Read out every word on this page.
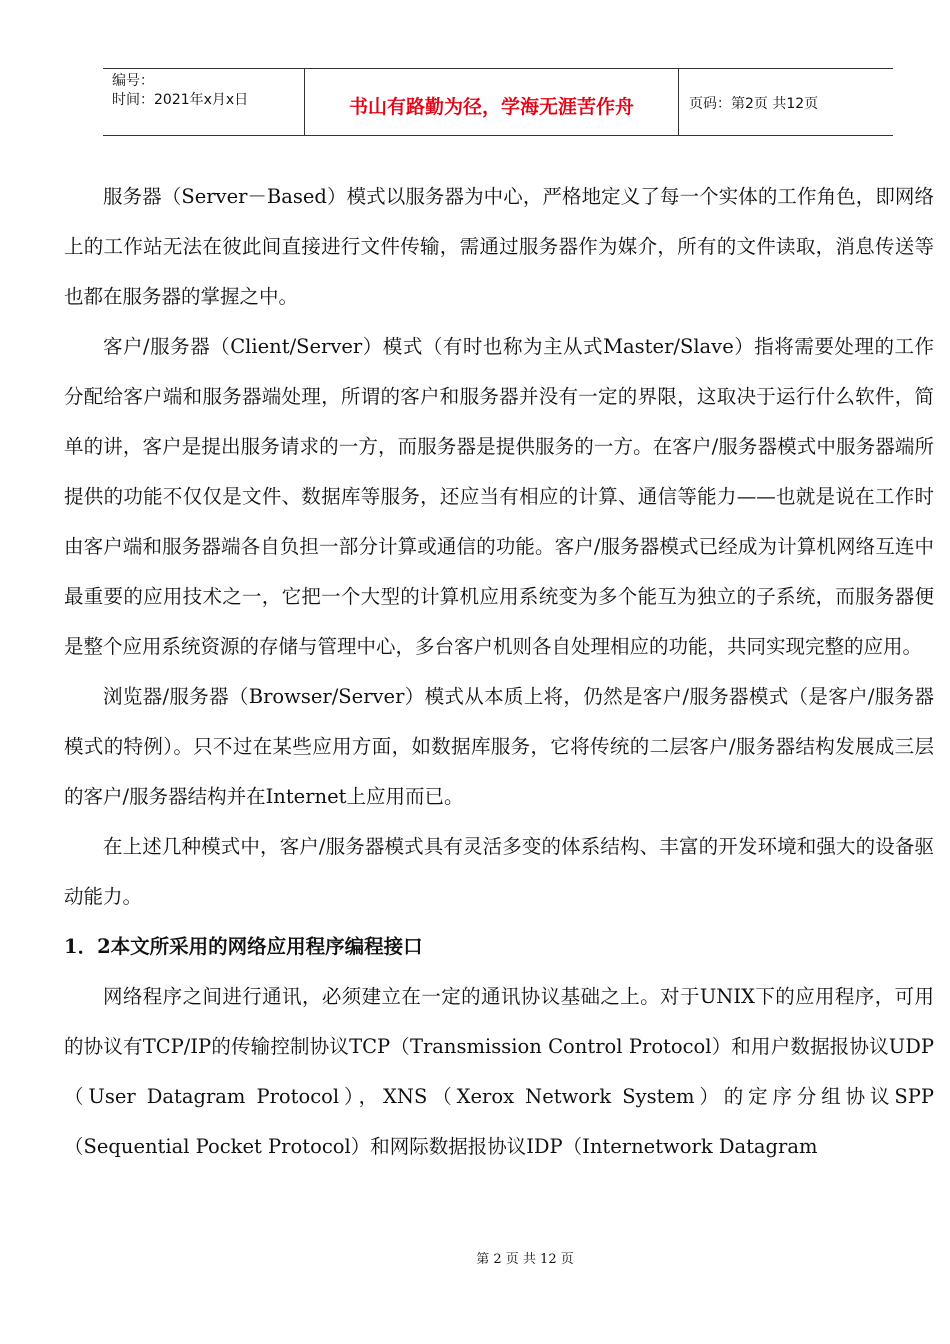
编号：
时间：2021年x月x日	书山有路勤为径，学海无涯苦作舟	页码：第2页 共12页

服务器（Server－Based）模式以服务器为中心，严格地定义了每一个实体的工作角色，即网络上的工作站无法在彼此间直接进行文件传输，需通过服务器作为媒介，所有的文件读取，消息传送等也都在服务器的掌握之中。

客户/服务器（Client/Server）模式（有时也称为主从式Master/Slave）指将需要处理的工作分配给客户端和服务器端处理，所谓的客户和服务器并没有一定的界限，这取决于运行什么软件，简单的讲，客户是提出服务请求的一方，而服务器是提供服务的一方。在客户/服务器模式中服务器端所提供的功能不仅仅是文件、数据库等服务，还应当有相应的计算、通信等能力——也就是说在工作时由客户端和服务器端各自负担一部分计算或通信的功能。客户/服务器模式已经成为计算机网络互连中最重要的应用技术之一，它把一个大型的计算机应用系统变为多个能互为独立的子系统，而服务器便是整个应用系统资源的存储与管理中心，多台客户机则各自处理相应的功能，共同实现完整的应用。

浏览器/服务器（Browser/Server）模式从本质上将，仍然是客户/服务器模式（是客户/服务器模式的特例）。只不过在某些应用方面，如数据库服务，它将传统的二层客户/服务器结构发展成三层的客户/服务器结构并在Internet上应用而已。

在上述几种模式中，客户/服务器模式具有灵活多变的体系结构、丰富的开发环境和强大的设备驱动能力。

1．2本文所采用的网络应用程序编程接口

网络程序之间进行通讯，必须建立在一定的通讯协议基础之上。对于UNIX下的应用程序，可用的协议有TCP/IP的传输控制协议TCP（Transmission Control Protocol）和用户数据报协议UDP（User Datagram Protocol），XNS（Xerox Network System）的定序分组协议SPP（Sequential Pocket Protocol）和网际数据报协议IDP（Internetwork Datagram

第 2 页 共 12 页
